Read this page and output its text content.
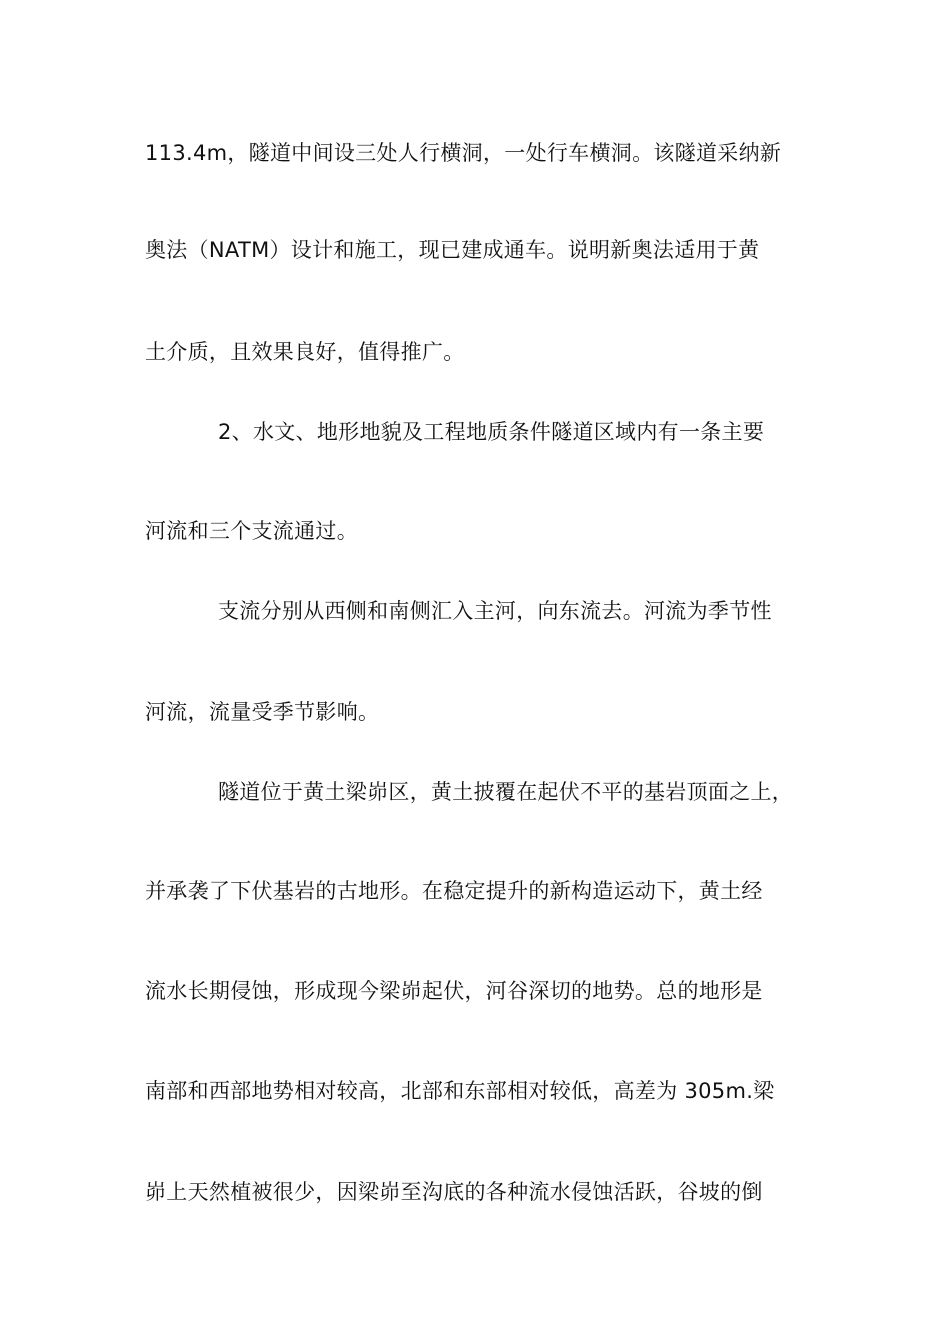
113.4m，隧道中间设三处人行横洞，一处行车横洞。该隧道采纳新
奥法（NATM）设计和施工，现已建成通车。说明新奥法适用于黄
土介质，且效果良好，值得推广。
2、水文、地形地貌及工程地质条件隧道区域内有一条主要
河流和三个支流通过。
支流分别从西侧和南侧汇入主河，向东流去。河流为季节性
河流，流量受季节影响。
隧道位于黄土梁峁区，黄土披覆在起伏不平的基岩顶面之上，
并承袭了下伏基岩的古地形。在稳定提升的新构造运动下，黄土经
流水长期侵蚀，形成现今梁峁起伏，河谷深切的地势。总的地形是
南部和西部地势相对较高，北部和东部相对较低，高差为 305m.梁
峁上天然植被很少，因梁峁至沟底的各种流水侵蚀活跃，谷坡的倒
